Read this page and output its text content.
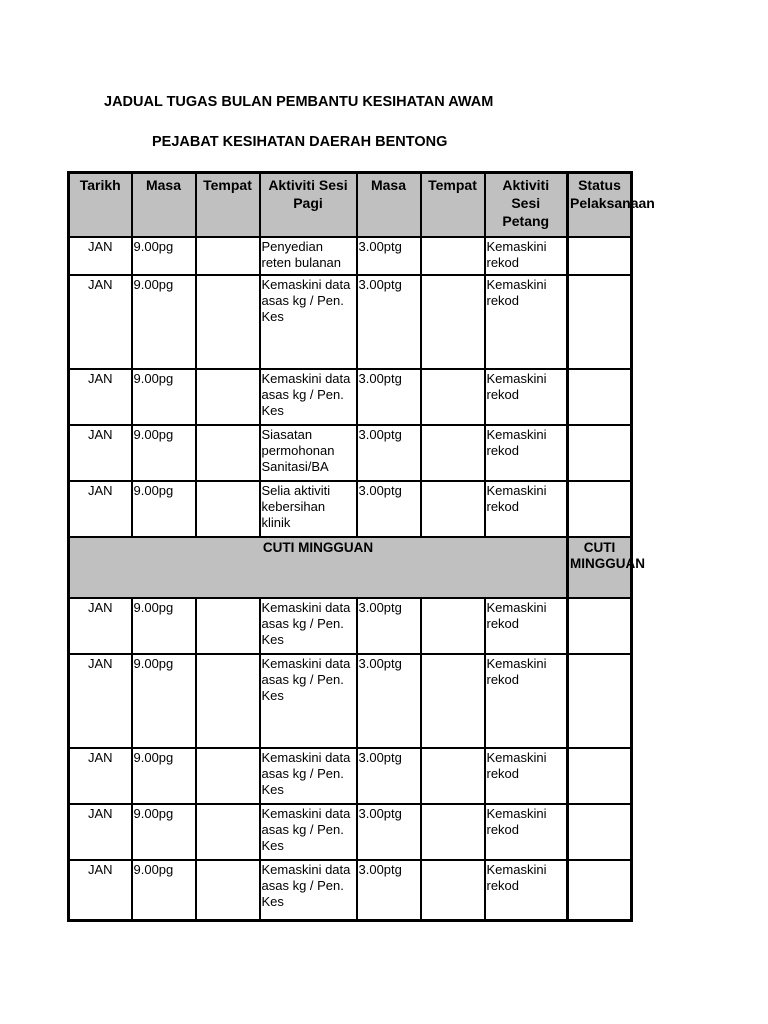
JADUAL TUGAS BULAN PEMBANTU KESIHATAN AWAM
PEJABAT KESIHATAN DAERAH BENTONG
Tarikh	Masa	Tempat	Aktiviti Sesi Pagi	Masa	Tempat	Aktiviti Sesi Petang	Status Pelaksanaan
JAN	9.00pg		Penyedian reten bulanan	3.00ptg		Kemaskini rekod	
JAN	9.00pg		Kemaskini data asas kg / Pen. Kes	3.00ptg		Kemaskini rekod	
JAN	9.00pg		Kemaskini data asas kg / Pen. Kes	3.00ptg		Kemaskini rekod	
JAN	9.00pg		Siasatan permohonan Sanitasi/BA	3.00ptg		Kemaskini rekod	
JAN	9.00pg		Selia aktiviti kebersihan klinik	3.00ptg		Kemaskini rekod	
CUTI MINGGUAN							CUTI MINGGUAN
JAN	9.00pg		Kemaskini data asas kg / Pen. Kes	3.00ptg		Kemaskini rekod	
JAN	9.00pg		Kemaskini data asas kg / Pen. Kes	3.00ptg		Kemaskini rekod	
JAN	9.00pg		Kemaskini data asas kg / Pen. Kes	3.00ptg		Kemaskini rekod	
JAN	9.00pg		Kemaskini data asas kg / Pen. Kes	3.00ptg		Kemaskini rekod	
JAN	9.00pg		Kemaskini data asas kg / Pen. Kes	3.00ptg		Kemaskini rekod	
